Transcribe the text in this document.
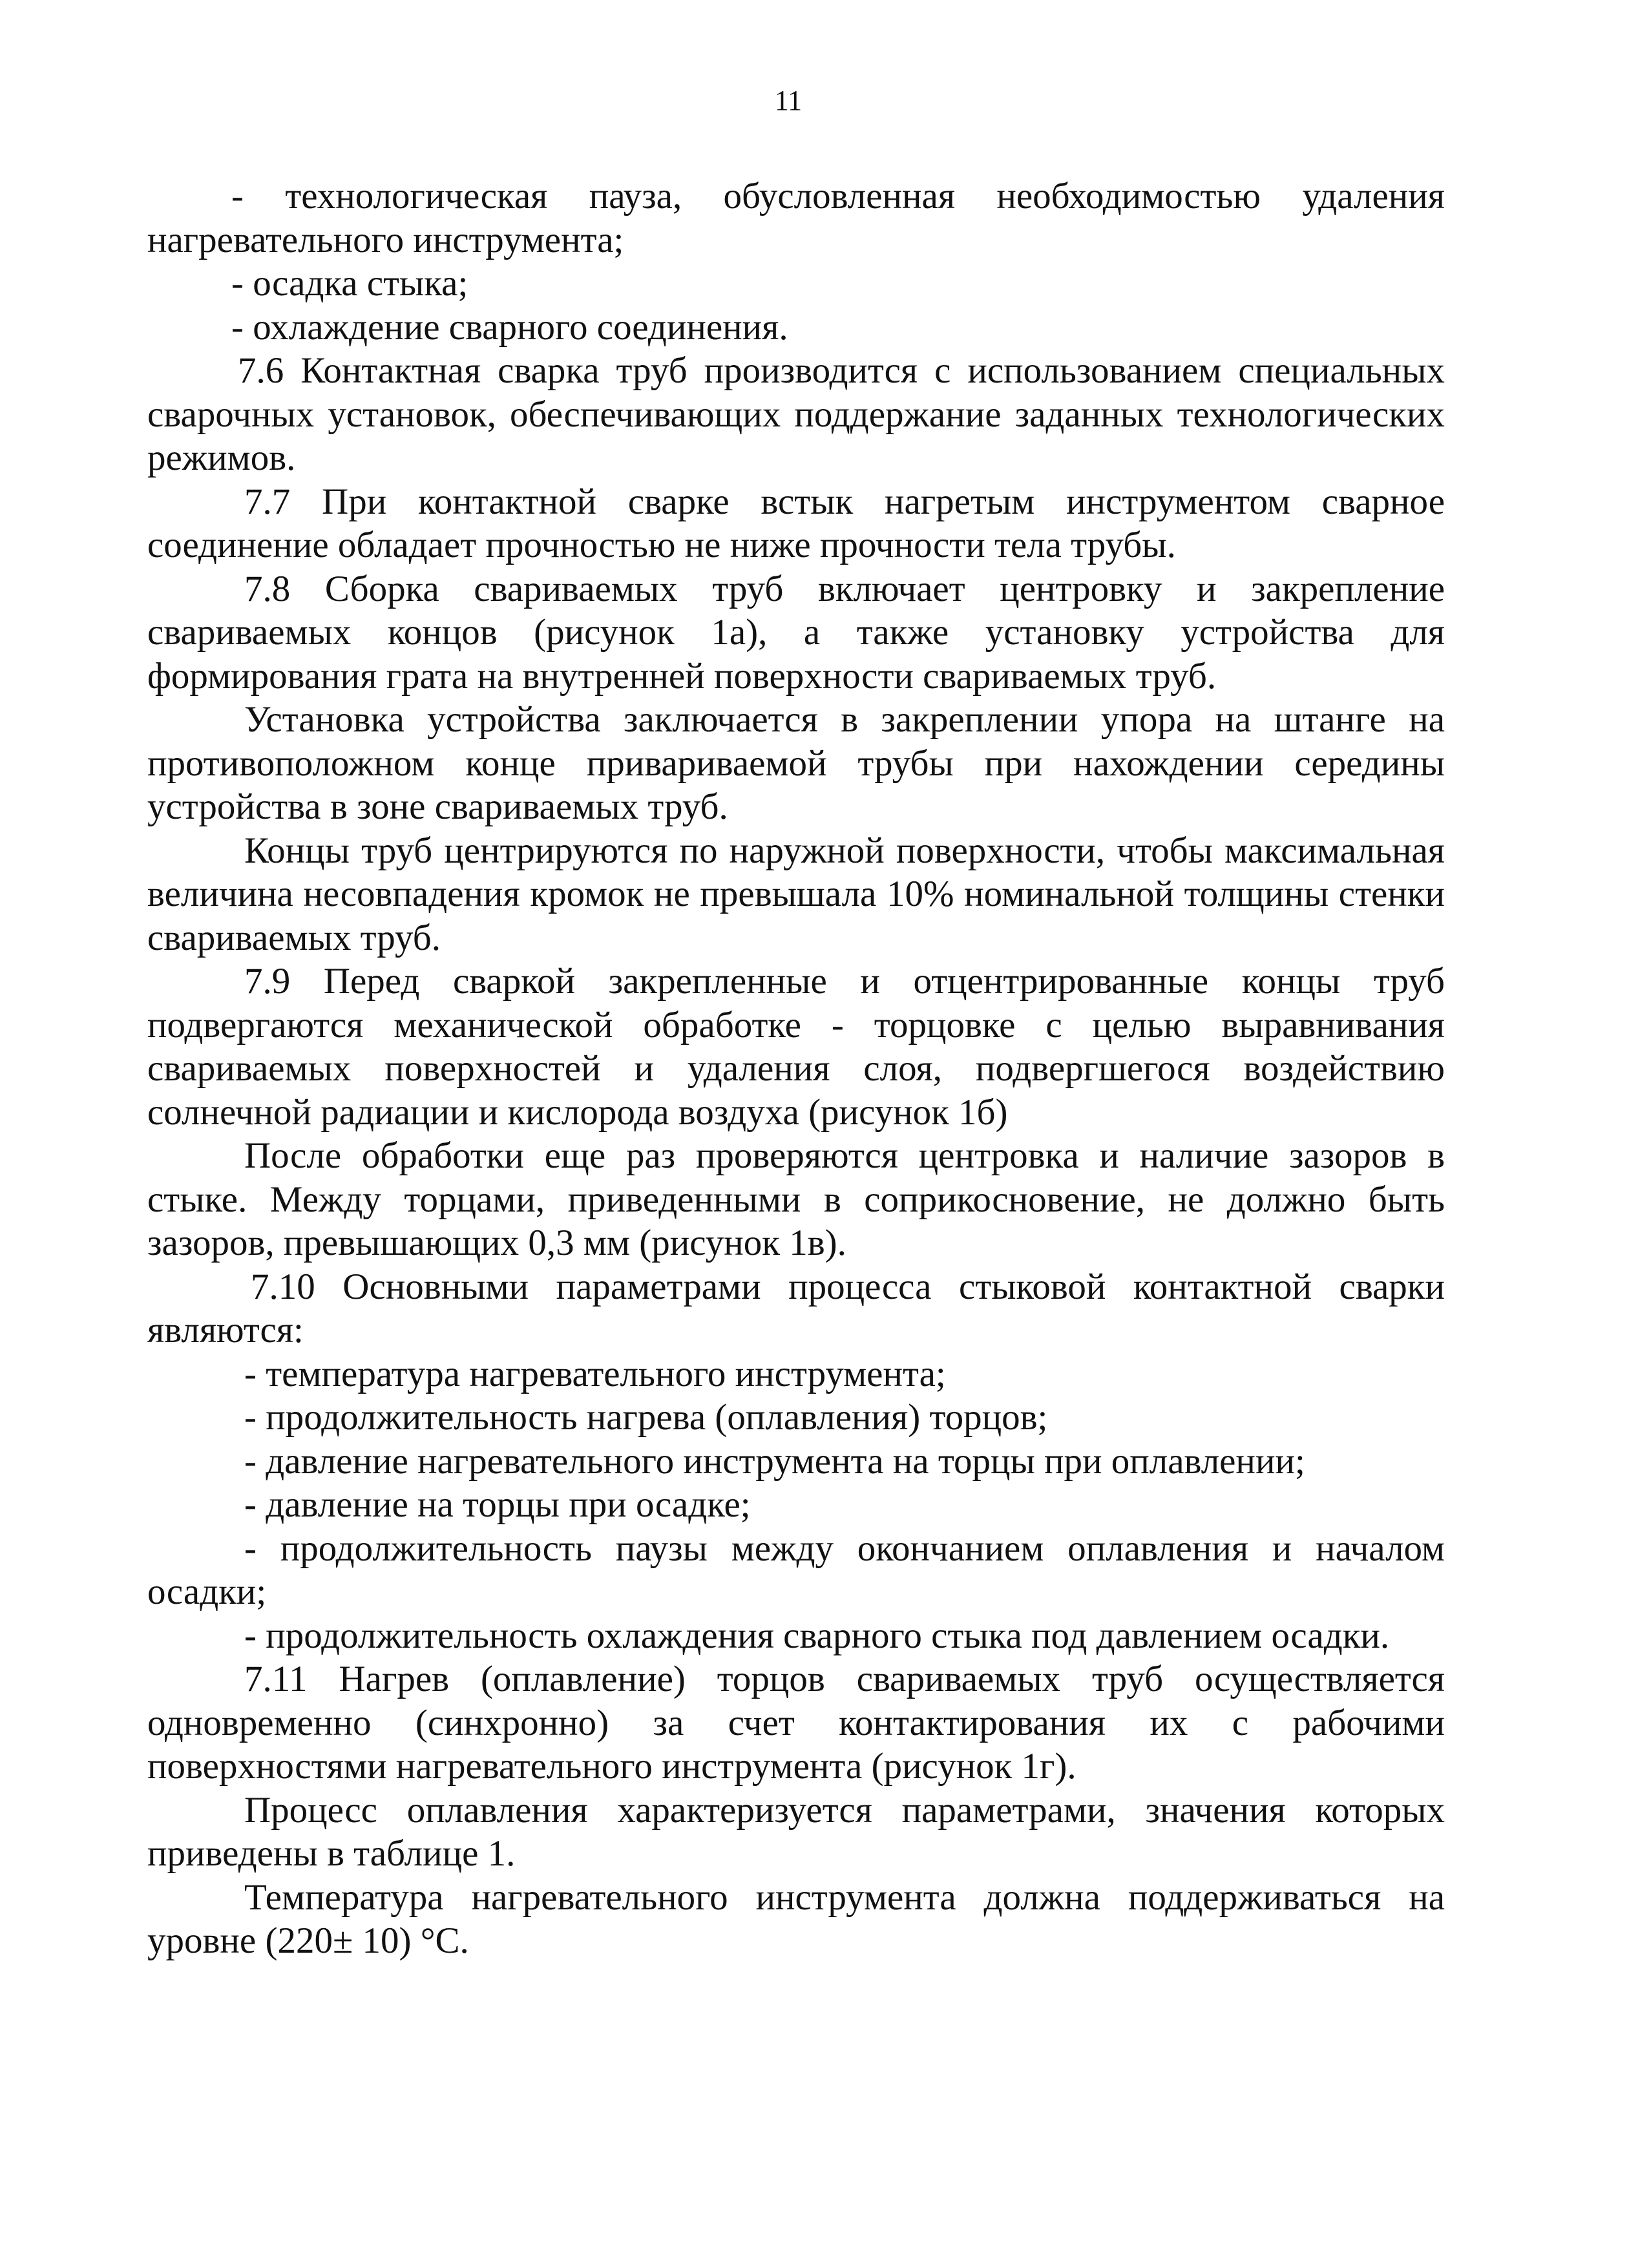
11

- технологическая пауза, обусловленная необходимостью удаления нагревательного инструмента;

- осадка стыка;

- охлаждение сварного соединения.

7.6 Контактная сварка труб производится с использованием специальных сварочных установок, обеспечивающих поддержание заданных технологических режимов.

7.7 При контактной сварке встык нагретым инструментом сварное соединение обладает прочностью не ниже прочности тела трубы.

7.8 Сборка свариваемых труб включает центровку и закрепление свариваемых концов (рисунок 1а), а также установку устройства для формирования грата на внутренней поверхности свариваемых труб.

Установка устройства заключается в закреплении упора на штанге на противоположном конце привариваемой трубы при нахождении середины устройства в зоне свариваемых труб.

Концы труб центрируются по наружной поверхности, чтобы максимальная величина несовпадения кромок не превышала 10% номинальной толщины стенки свариваемых труб.

7.9 Перед сваркой закрепленные и отцентрированные концы труб подвергаются механической обработке - торцовке с целью выравнивания свариваемых поверхностей и удаления слоя, подвергшегося воздействию солнечной радиации и кислорода воздуха (рисунок 1б)

После обработки еще раз проверяются центровка и наличие зазоров в стыке. Между торцами, приведенными в соприкосновение, не должно быть зазоров, превышающих 0,3 мм (рисунок 1в).

7.10 Основными параметрами процесса стыковой контактной сварки являются:

- температура нагревательного инструмента;

- продолжительность нагрева (оплавления) торцов;

- давление нагревательного инструмента на торцы при оплавлении;

- давление на торцы при осадке;

- продолжительность паузы между окончанием оплавления и началом осадки;

- продолжительность охлаждения сварного стыка под давлением осадки.

7.11 Нагрев (оплавление) торцов свариваемых труб осуществляется одновременно (синхронно) за счет контактирования их с рабочими поверхностями нагревательного инструмента (рисунок 1г).

Процесс оплавления характеризуется параметрами, значения которых приведены в таблице 1.

Температура нагревательного инструмента должна поддерживаться на уровне (220± 10) °С.
